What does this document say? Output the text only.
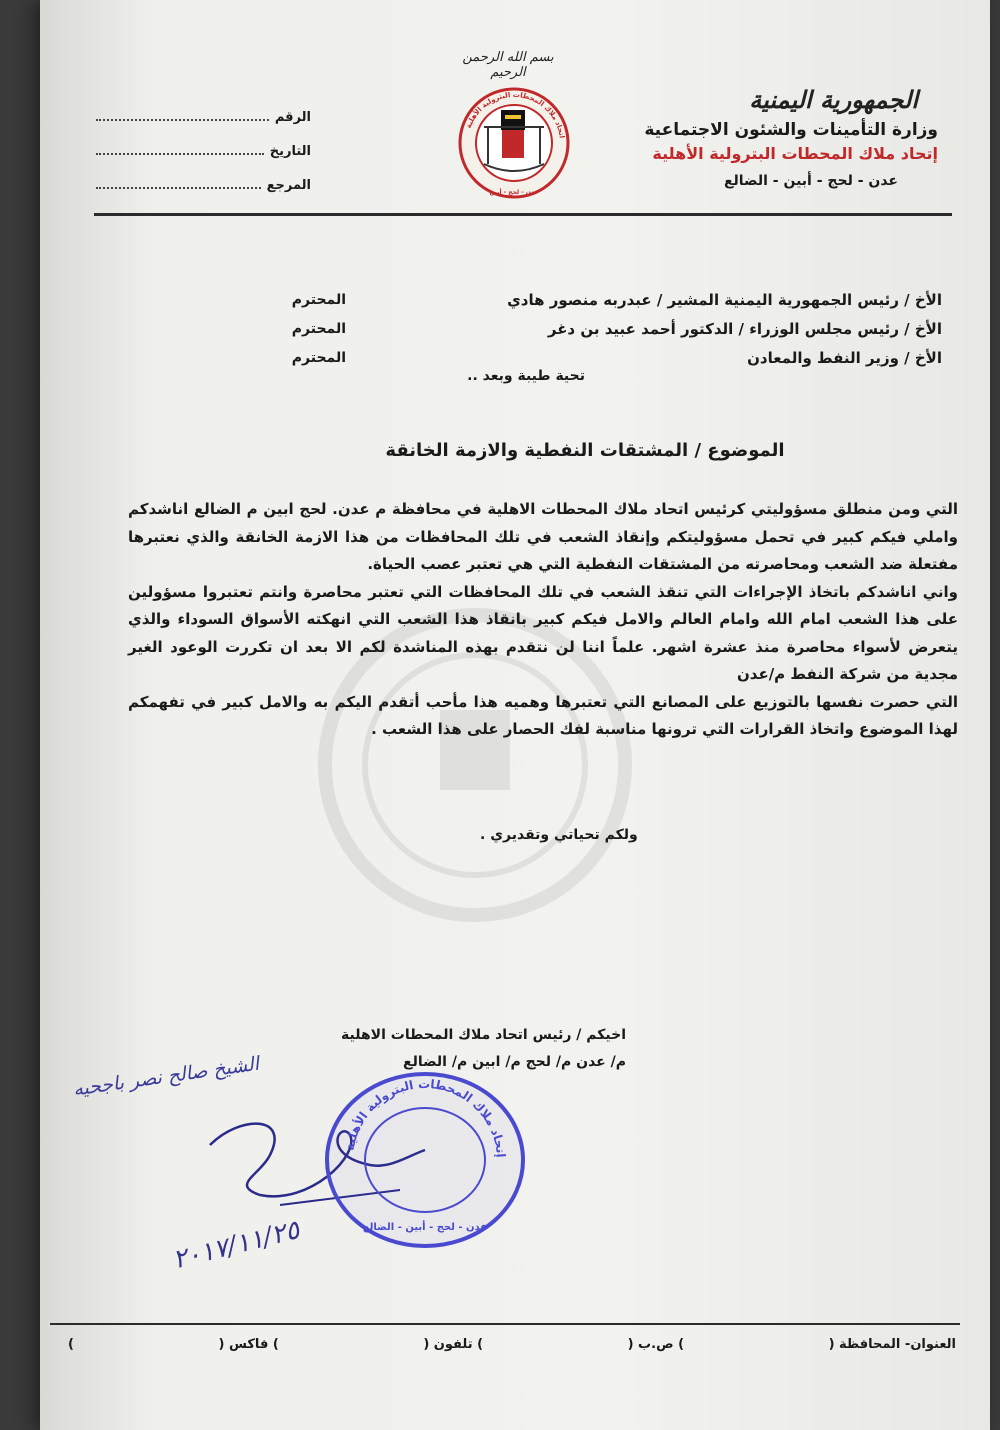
الجمهورية اليمنية
وزارة التأمينات والشئون الاجتماعية
إتحاد ملاك المحطات البترولية الأهلية
عدن - لحج - أبين - الضالع
بسم الله الرحمن الرحيم
اتحاد ملاك المحطات البترولية الأهلية
عدن - لحج - أبين
الرقم
التاريخ
المرجع
الأخ / رئيس الجمهورية اليمنية المشير / عبدربه منصور هادي
الأخ / رئيس مجلس الوزراء / الدكتور أحمد عبيد بن دغر
الأخ / وزير النفط والمعادن
المحترم
المحترم
المحترم
تحية طيبة وبعد ..
الموضوع / المشتقات النفطية والازمة الخانقة

التي ومن منطلق مسؤوليتي كرئيس اتحاد ملاك المحطات الاهلية في محافظة م عدن. لحج ابين م الضالع اناشدكم واملي فيكم كبير في تحمل مسؤوليتكم وإنقاذ الشعب في تلك المحافظات من هذا الازمة الخانقة والذي نعتبرها مفتعلة ضد الشعب ومحاصرته من المشتقات النفطية التي هي تعتبر عصب الحياة.

واني اناشدكم باتخاذ الإجراءات التي تنقذ الشعب في تلك المحافظات التي تعتبر محاصرة وانتم تعتبروا مسؤولين على هذا الشعب امام الله وامام العالم والامل فيكم كبير بانقاذ هذا الشعب التي انهكته الأسواق السوداء والذي يتعرض لأسواء محاصرة منذ عشرة اشهر. علماً اننا لن نتقدم بهذه المناشدة لكم الا بعد ان تكررت الوعود الغير مجدية من شركة النفط م/عدن

التي حصرت نفسها بالتوزيع على المصانع التي تعتبرها وهميه هذا مأحب أتقدم اليكم به والامل كبير في تفهمكم لهذا الموضوع واتخاذ القرارات التي ترونها مناسبة لفك الحصار على هذا الشعب .

ولكم تحياتي وتقديري .
اخيكم / رئيس اتحاد ملاك المحطات الاهلية
م/ عدن م/ لحج م/ ابين م/ الضالع
الشيخ صالح نصر باجحيه
إتحاد ملاك المحطات البترولية الأهلية
عدن - لحج - أبين - الضالع
٢٠١٧/١١/٢٥
العنوان- المحافظة (
) ص.ب (
) تلفون (
) فاكس (
)
